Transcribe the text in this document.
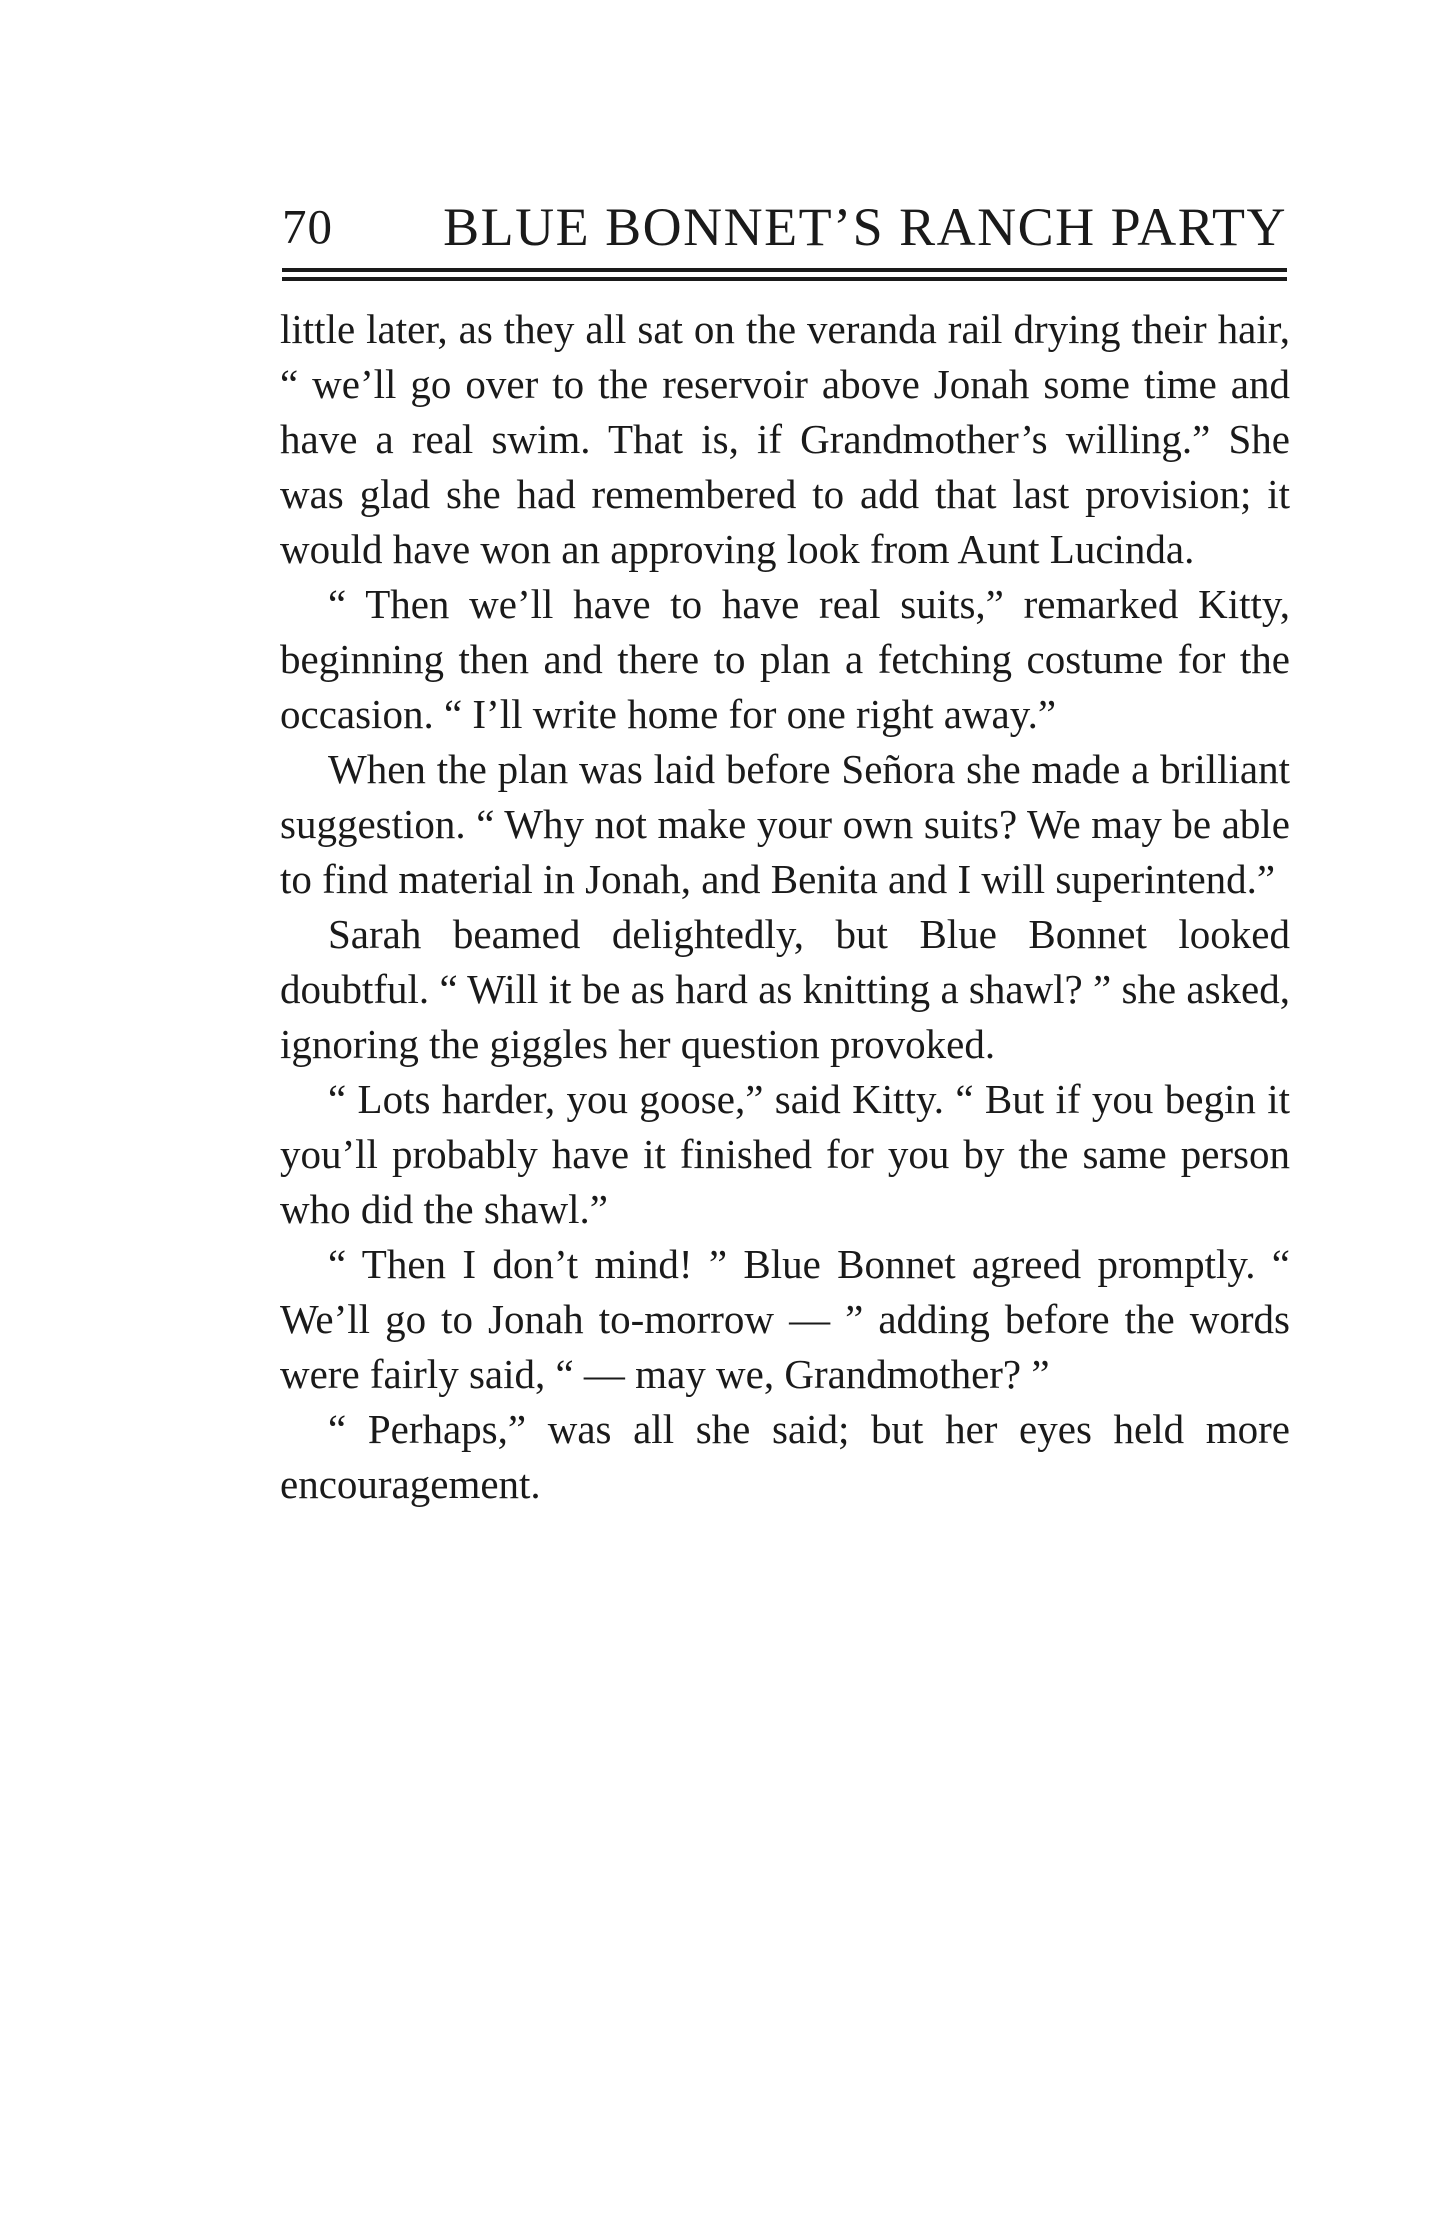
70 BLUE BONNET’S RANCH PARTY

little later, as they all sat on the veranda rail drying their hair, “ we’ll go over to the reservoir above Jonah some time and have a real swim. That is, if Grandmother’s willing.” She was glad she had remembered to add that last provision; it would have won an approving look from Aunt Lucinda.

“ Then we’ll have to have real suits,” remarked Kitty, beginning then and there to plan a fetching costume for the occasion. “ I’ll write home for one right away.”

When the plan was laid before Señora she made a brilliant suggestion. “ Why not make your own suits? We may be able to find material in Jonah, and Benita and I will superintend.”

Sarah beamed delightedly, but Blue Bonnet looked doubtful. “ Will it be as hard as knitting a shawl? ” she asked, ignoring the giggles her question provoked.

“ Lots harder, you goose,” said Kitty. “ But if you begin it you’ll probably have it finished for you by the same person who did the shawl.”

“ Then I don’t mind! ” Blue Bonnet agreed promptly. “ We’ll go to Jonah to-morrow — ” adding before the words were fairly said, “ — may we, Grandmother? ”

“ Perhaps,” was all she said; but her eyes held more encouragement.
